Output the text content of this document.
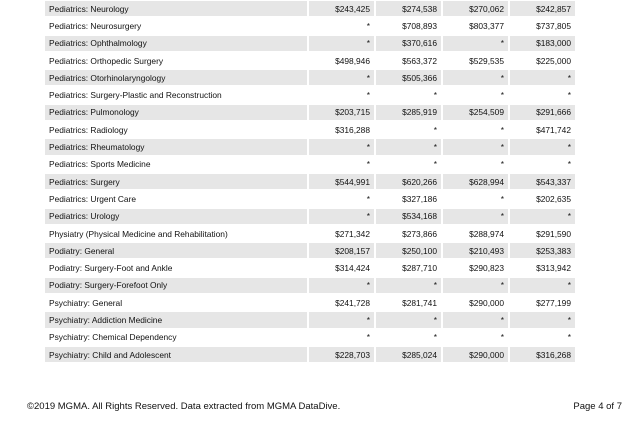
Pediatrics: Neurology	$243,425	$274,538	$270,062	$242,857
Pediatrics: Neurosurgery	*	$708,893	$803,377	$737,805
Pediatrics: Ophthalmology	*	$370,616	*	$183,000
Pediatrics: Orthopedic Surgery	$498,946	$563,372	$529,535	$225,000
Pediatrics: Otorhinolaryngology	*	$505,366	*	*
Pediatrics: Surgery-Plastic and Reconstruction	*	*	*	*
Pediatrics: Pulmonology	$203,715	$285,919	$254,509	$291,666
Pediatrics: Radiology	$316,288	*	*	$471,742
Pediatrics: Rheumatology	*	*	*	*
Pediatrics: Sports Medicine	*	*	*	*
Pediatrics: Surgery	$544,991	$620,266	$628,994	$543,337
Pediatrics: Urgent Care	*	$327,186	*	$202,635
Pediatrics: Urology	*	$534,168	*	*
Physiatry (Physical Medicine and Rehabilitation)	$271,342	$273,866	$288,974	$291,590
Podiatry: General	$208,157	$250,100	$210,493	$253,383
Podiatry: Surgery-Foot and Ankle	$314,424	$287,710	$290,823	$313,942
Podiatry: Surgery-Forefoot Only	*	*	*	*
Psychiatry: General	$241,728	$281,741	$290,000	$277,199
Psychiatry: Addiction Medicine	*	*	*	*
Psychiatry: Chemical Dependency	*	*	*	*
Psychiatry: Child and Adolescent	$228,703	$285,024	$290,000	$316,268
©2019 MGMA. All Rights Reserved. Data extracted from MGMA DataDive.	Page 4 of 7
